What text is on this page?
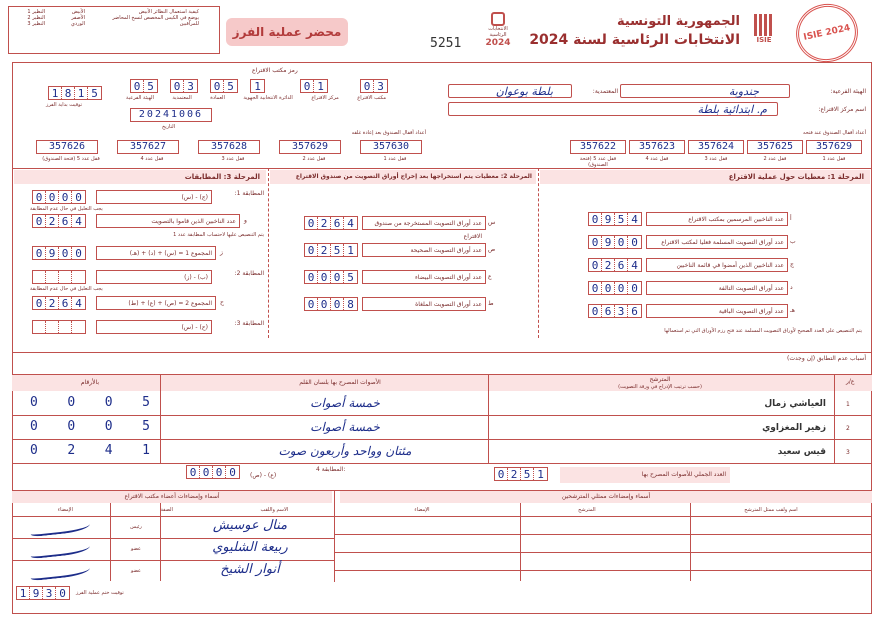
كيفية استعمال النظائر الأبيض
يوضع في الكيس المخصص لنسخ المحاضر
للمراقبين
الأبيض
الأصفر
الوردي
النظير 1
النظير 2
النظير 3
محضر عملية الفرز
5251
الانتخابات
الرئاسية
2024
الجمهورية التونسية
الانتخابات الرئاسية لسنة 2024	ISIE	ISIE 2024
رمز مكتب الاقتراع
0 5 0 3 0 5 1	0 1	0 3
مكتب الاقتراع
مركز الاقتراع
الدائرة الانتخابية الجهوية
العمادة
المعتمدية
الهيئة الفرعية
1 8 1 5
توقيت بداية الفرز
20241006
التاريخ
الهيئة الفرعية:
جندوبة
المعتمدية:
بلطة بوعوان
اسم مركز الاقتراع:
م. ابتدائية بلطة
أعداد أقفال الصندوق عند فتحه
أعداد أقفال الصندوق بعد إعادة غلقه
357629
قفل عدد 1
357625
قفل عدد 2
357624
قفل عدد 3
357623
قفل عدد 4
357622
قفل عدد 5 (فتحة الصندوق)
357630
قفل عدد 1
357629
قفل عدد 2
357628
قفل عدد 3
357627
قفل عدد 4
357626
قفل عدد 5 (فتحة الصندوق)
المرحلة 1: معطيات حول عملية الاقتراع
0 9 5 4	عدد الناخبين المرسمين بمكتب الاقتراع	أ
0 9 0 0	عدد أوراق التصويت المسلمة فعليا لمكتب الاقتراع	ب
0 2 6 4	عدد الناخبين الذين أمضوا في قائمة الناخبين	ج
0 0 0 0	عدد أوراق التصويت التالفة	د
0 6 3 6	عدد أوراق التصويت الباقية	هـ
يتم التنصيص على العدد الصحيح لأوراق التصويت المسلمة عند فتح رزم الأوراق التي تم استعمالها
المرحلة 2: معطيات يتم استخراجها بعد إخراج أوراق التصويت من صندوق الاقتراع
0 2 6 4	عدد أوراق التصويت المستخرجة من صندوق الاقتراع
س
0 2 5 1	عدد أوراق التصويت الصحيحة	ص
0 0 0 5	عدد أوراق التصويت البيضاء	ع
0 0 0 8	عدد أوراق التصويت الملغاة	ط
المرحلة 3: المطابقات
0 0 0 0	(ج) - (س)
المطابقة 1:
يجب التعليل في حال عدم المطابقة
0 2 6 4	عدد الناخبين الذين قاموا بالتصويت	و
يتم التنصيص عليها لاحتساب المطابقة عدد 1
0 9 0 0	المجموع 1 = (س) + (د) + (هـ)	ز
(ب) - (ز)
المطابقة 2:
يجب التعليل في حال عدم المطابقة
0 2 6 4	المجموع 2 = (ص) + (ع) + (ط)	ح
(ح) - (س)
المطابقة 3:
أسباب عدم التطابق (إن وجدت)
ع/ر
المترشح
(حسب ترتيب الإدراج في ورقة التصويت)
الأصوات المصرح بها بلسان القلم
بالأرقام
1
العياشي زمال
خمسة أصوات
0 0 0 5
2
زهير المغزاوي
خمسة أصوات
0 0 0 5
3
قيس سعيد
مئتان وواحد وأربعون صوت
0 2 4 1
العدد الجملي للأصوات المصرح بها
0 2 5 1
المطابقة 4:
(ص) - (ع)
0 0 0 0
أسماء وإمضاءات ممثلي المترشحين
أسماء وإمضاءات أعضاء مكتب الاقتراع
اسم ولقب ممثل المترشح
المترشح
الإمضاء
الاسم واللقب
الصفة
الإمضاء
منال عوسيش
رئيس
ربيعة الشليوي
عضو
أنوار الشيخ
عضو
1 9 3 0	توقيت ختم عملية الفرز
